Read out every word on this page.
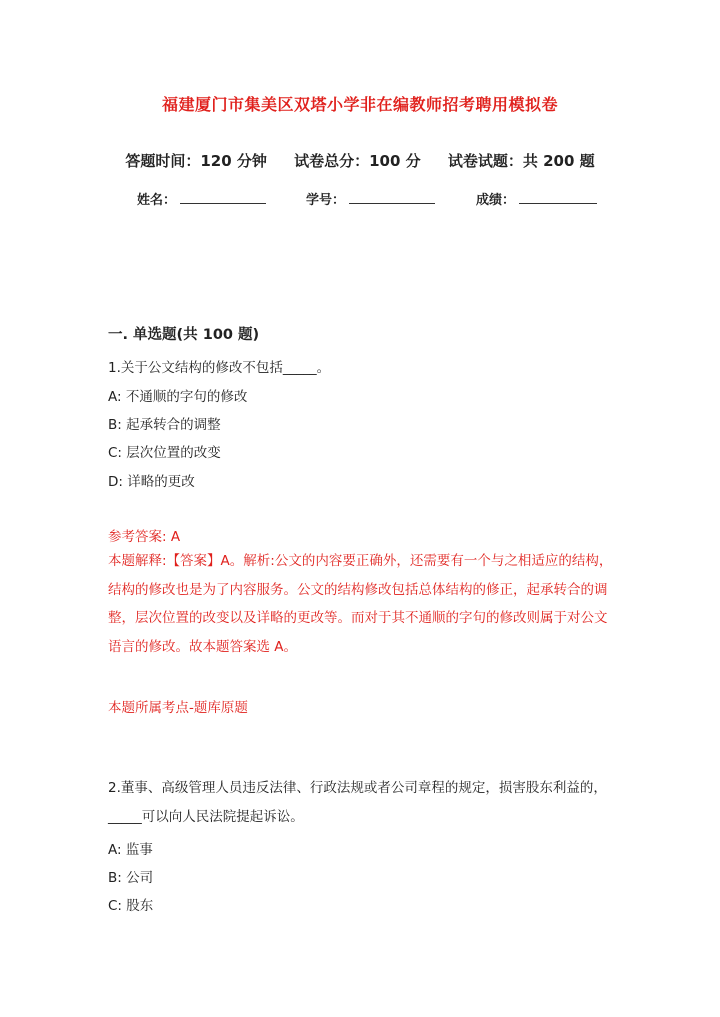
福建厦门市集美区双塔小学非在编教师招考聘用模拟卷
答题时间：120 分钟 试卷总分：100 分 试卷试题：共 200 题
姓名：	学号：	成绩：
一. 单选题(共 100 题)
1.关于公文结构的修改不包括_____。
A: 不通顺的字句的修改
B: 起承转合的调整
C: 层次位置的改变
D: 详略的更改
参考答案: A
本题解释:【答案】A。解析:公文的内容要正确外，还需要有一个与之相适应的结构，结构的修改也是为了内容服务。公文的结构修改包括总体结构的修正，起承转合的调整，层次位置的改变以及详略的更改等。而对于其不通顺的字句的修改则属于对公文语言的修改。故本题答案选 A。
本题所属考点-题库原题
2.董事、高级管理人员违反法律、行政法规或者公司章程的规定，损害股东利益的，_____可以向人民法院提起诉讼。
A: 监事
B: 公司
C: 股东
